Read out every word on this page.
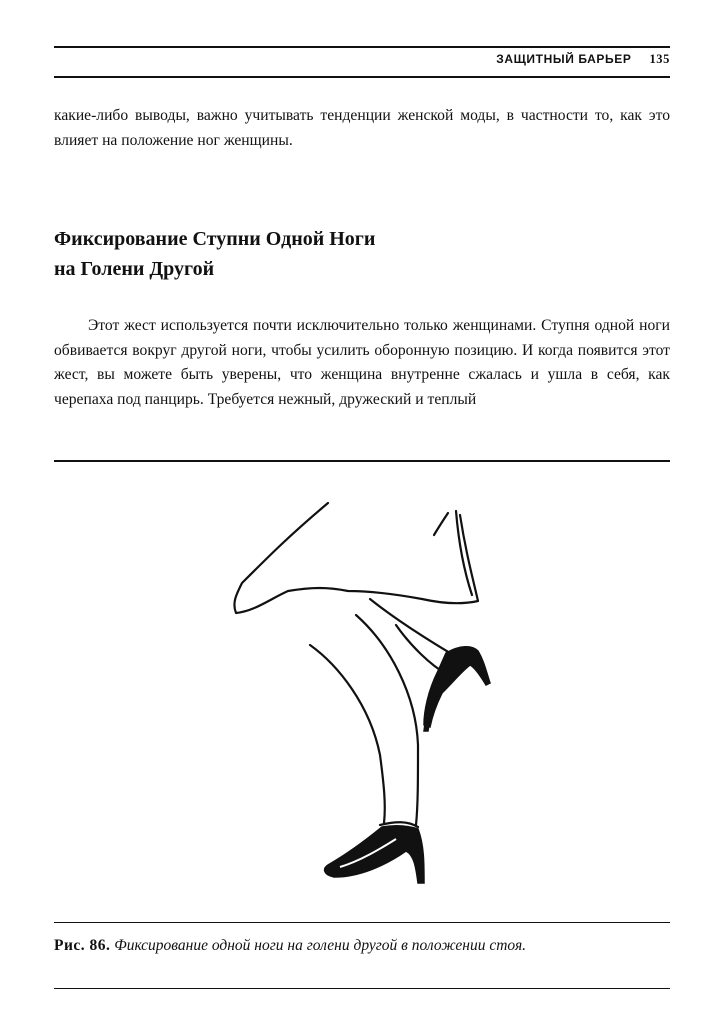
ЗАЩИТНЫЙ БАРЬЕР 135

какие-либо выводы, важно учитывать тенденции женской моды, в частности то, как это влияет на положение ног женщины.

Фиксирование Ступни Одной Ноги
на Голени Другой

Этот жест используется почти исключительно только женщинами. Ступня одной ноги обвивается вокруг другой ноги, чтобы усилить оборонную позицию. И когда появится этот жест, вы можете быть уверены, что женщина внутренне сжалась и ушла в себя, как черепаха под панцирь. Требуется нежный, дружеский и теплый

Рис. 86. Фиксирование одной ноги на голени другой в положении стоя.
